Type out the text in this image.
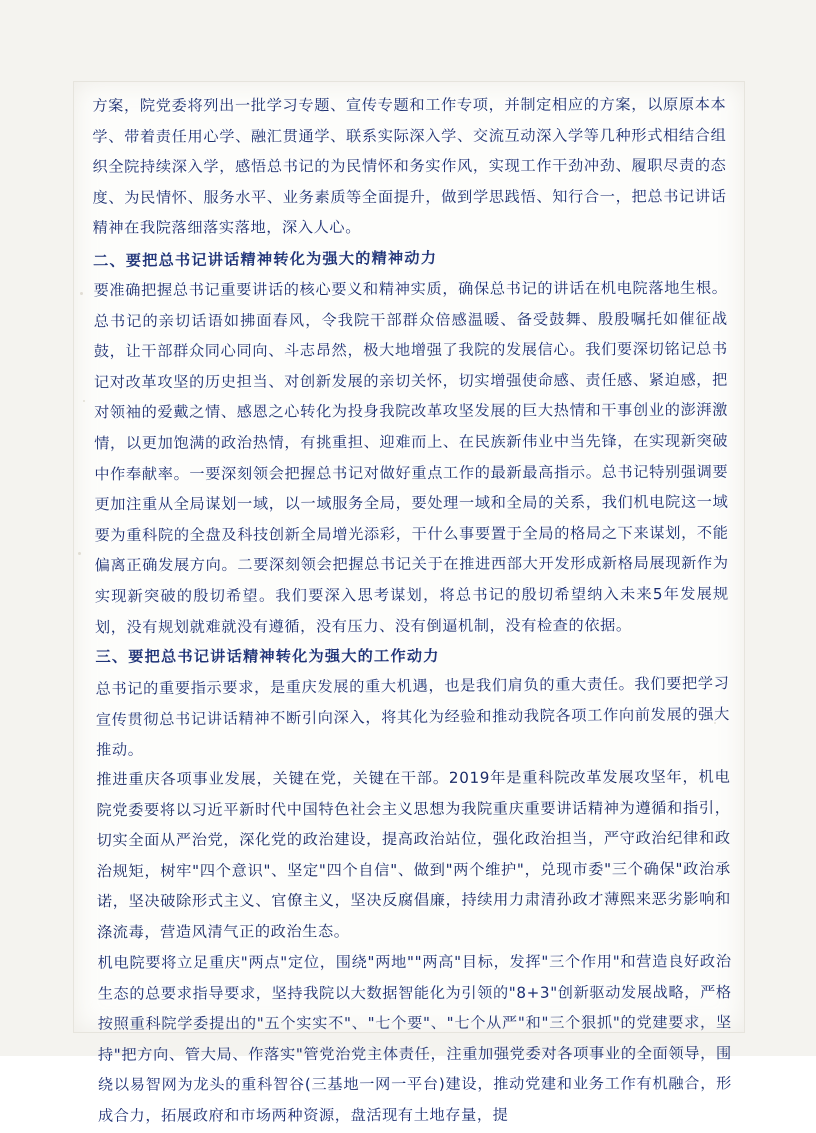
方案，院党委将列出一批学习专题、宣传专题和工作专项，并制定相应的方案，以原原本本学、带着责任用心学、融汇贯通学、联系实际深入学、交流互动深入学等几种形式相结合组织全院持续深入学，感悟总书记的为民情怀和务实作风，实现工作干劲冲劲、履职尽责的态度、为民情怀、服务水平、业务素质等全面提升，做到学思践悟、知行合一，把总书记讲话精神在我院落细落实落地，深入人心。

二、要把总书记讲话精神转化为强大的精神动力

要准确把握总书记重要讲话的核心要义和精神实质，确保总书记的讲话在机电院落地生根。总书记的亲切话语如拂面春风，令我院干部群众倍感温暖、备受鼓舞、殷殷嘱托如催征战鼓，让干部群众同心同向、斗志昂然，极大地增强了我院的发展信心。我们要深切铭记总书记对改革攻坚的历史担当、对创新发展的亲切关怀，切实增强使命感、责任感、紧迫感，把对领袖的爱戴之情、感恩之心转化为投身我院改革攻坚发展的巨大热情和干事创业的澎湃激情，以更加饱满的政治热情，有挑重担、迎难而上、在民族新伟业中当先锋，在实现新突破中作奉献率。一要深刻领会把握总书记对做好重点工作的最新最高指示。总书记特别强调要更加注重从全局谋划一域，以一域服务全局，要处理一域和全局的关系，我们机电院这一域要为重科院的全盘及科技创新全局增光添彩，干什么事要置于全局的格局之下来谋划，不能偏离正确发展方向。二要深刻领会把握总书记关于在推进西部大开发形成新格局展现新作为实现新突破的殷切希望。我们要深入思考谋划，将总书记的殷切希望纳入未来5年发展规划，没有规划就难就没有遵循，没有压力、没有倒逼机制，没有检查的依据。

三、要把总书记讲话精神转化为强大的工作动力

总书记的重要指示要求，是重庆发展的重大机遇，也是我们肩负的重大责任。我们要把学习宣传贯彻总书记讲话精神不断引向深入，将其化为经验和推动我院各项工作向前发展的强大推动。

推进重庆各项事业发展，关键在党，关键在干部。2019年是重科院改革发展攻坚年，机电院党委要将以习近平新时代中国特色社会主义思想为我院重庆重要讲话精神为遵循和指引，切实全面从严治党，深化党的政治建设，提高政治站位，强化政治担当，严守政治纪律和政治规矩，树牢"四个意识"、坚定"四个自信"、做到"两个维护"，兑现市委"三个确保"政治承诺，坚决破除形式主义、官僚主义，坚决反腐倡廉，持续用力肃清孙政才薄熙来恶劣影响和涤流毒，营造风清气正的政治生态。

机电院要将立足重庆"两点"定位，围绕"两地""两高"目标，发挥"三个作用"和营造良好政治生态的总要求指导要求，坚持我院以大数据智能化为引领的"8+3"创新驱动发展战略，严格按照重科院学委提出的"五个实实不"、"七个要"、"七个从严"和"三个狠抓"的党建要求，坚持"把方向、管大局、作落实"管党治党主体责任，注重加强党委对各项事业的全面领导，围绕以易智网为龙头的重科智谷(三基地一网一平台)建设，推动党建和业务工作有机融合，形成合力，拓展政府和市场两种资源，盘活现有土地存量，提
